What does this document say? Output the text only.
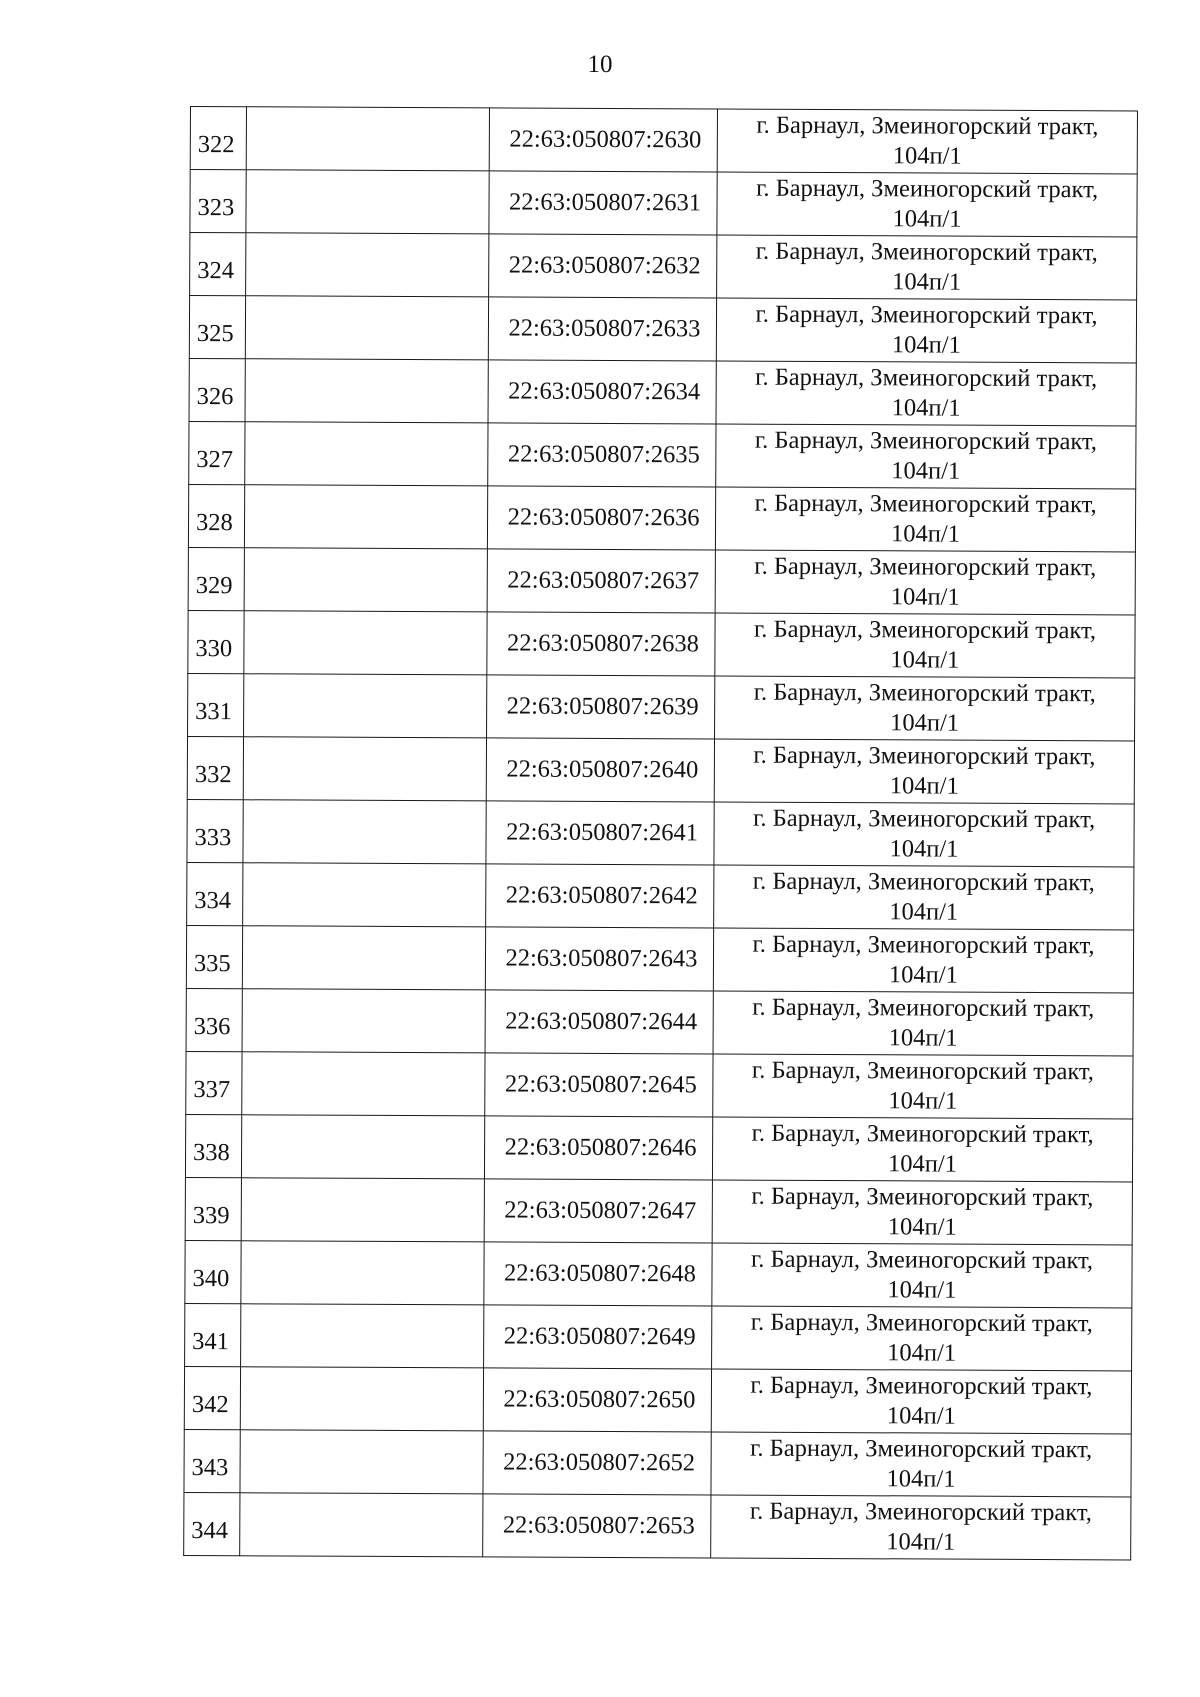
10
322		22:63:050807:2630	г. Барнаул, Змеиногорский тракт,
104п/1

323		22:63:050807:2631	г. Барнаул, Змеиногорский тракт,
104п/1

324		22:63:050807:2632	г. Барнаул, Змеиногорский тракт,
104п/1

325		22:63:050807:2633	г. Барнаул, Змеиногорский тракт,
104п/1

326		22:63:050807:2634	г. Барнаул, Змеиногорский тракт,
104п/1

327		22:63:050807:2635	г. Барнаул, Змеиногорский тракт,
104п/1

328		22:63:050807:2636	г. Барнаул, Змеиногорский тракт,
104п/1

329		22:63:050807:2637	г. Барнаул, Змеиногорский тракт,
104п/1

330		22:63:050807:2638	г. Барнаул, Змеиногорский тракт,
104п/1

331		22:63:050807:2639	г. Барнаул, Змеиногорский тракт,
104п/1

332		22:63:050807:2640	г. Барнаул, Змеиногорский тракт,
104п/1

333		22:63:050807:2641	г. Барнаул, Змеиногорский тракт,
104п/1

334		22:63:050807:2642	г. Барнаул, Змеиногорский тракт,
104п/1

335		22:63:050807:2643	г. Барнаул, Змеиногорский тракт,
104п/1

336		22:63:050807:2644	г. Барнаул, Змеиногорский тракт,
104п/1

337		22:63:050807:2645	г. Барнаул, Змеиногорский тракт,
104п/1

338		22:63:050807:2646	г. Барнаул, Змеиногорский тракт,
104п/1

339		22:63:050807:2647	г. Барнаул, Змеиногорский тракт,
104п/1

340		22:63:050807:2648	г. Барнаул, Змеиногорский тракт,
104п/1

341		22:63:050807:2649	г. Барнаул, Змеиногорский тракт,
104п/1

342		22:63:050807:2650	г. Барнаул, Змеиногорский тракт,
104п/1

343		22:63:050807:2652	г. Барнаул, Змеиногорский тракт,
104п/1

344		22:63:050807:2653	г. Барнаул, Змеиногорский тракт,
104п/1
